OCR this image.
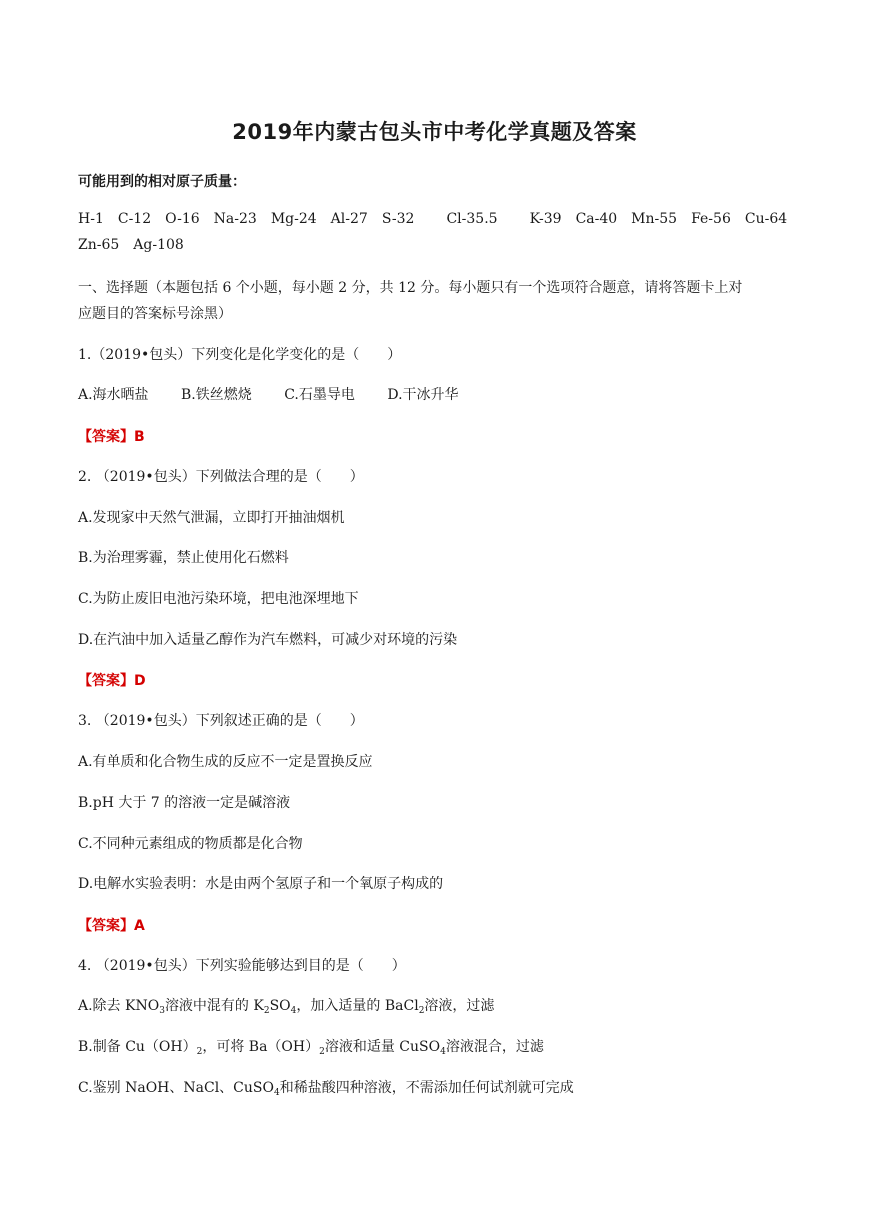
2019年内蒙古包头市中考化学真题及答案
可能用到的相对原子质量：
H-1 C-12 O-16 Na-23 Mg-24 Al-27 S-32 Cl-35.5 K-39 Ca-40 Mn-55 Fe-56 Cu-64
Zn-65 Ag-108
一、选择题（本题包括 6 个小题，每小题 2 分，共 12 分。每小题只有一个选项符合题意，请将答题卡上对
应题目的答案标号涂黑）
1.（2019•包头）下列变化是化学变化的是（　　）
A.海水晒盐 B.铁丝燃烧 C.石墨导电 D.干冰升华
【答案】B
2. （2019•包头）下列做法合理的是（　　）
A.发现家中天然气泄漏，立即打开抽油烟机
B.为治理雾霾，禁止使用化石燃料
C.为防止废旧电池污染环境，把电池深埋地下
D.在汽油中加入适量乙醇作为汽车燃料，可减少对环境的污染
【答案】D
3. （2019•包头）下列叙述正确的是（　　）
A.有单质和化合物生成的反应不一定是置换反应
B.pH 大于 7 的溶液一定是碱溶液
C.不同种元素组成的物质都是化合物
D.电解水实验表明：水是由两个氢原子和一个氧原子构成的
【答案】A
4. （2019•包头）下列实验能够达到目的是（　　）
A.除去 $KNO_3$溶液中混有的 $K_2SO_4$，加入适量的 BaCl$_2$溶液，过滤
B.制备 $Cu(OH)_2$，可将 $Ba(OH)_2$溶液和适量 CuSO$_4$溶液混合，过滤
C.鉴别 NaOH、NaCl、CuSO$_4$和稀盐酸四种溶液，不需添加任何试剂就可完成
